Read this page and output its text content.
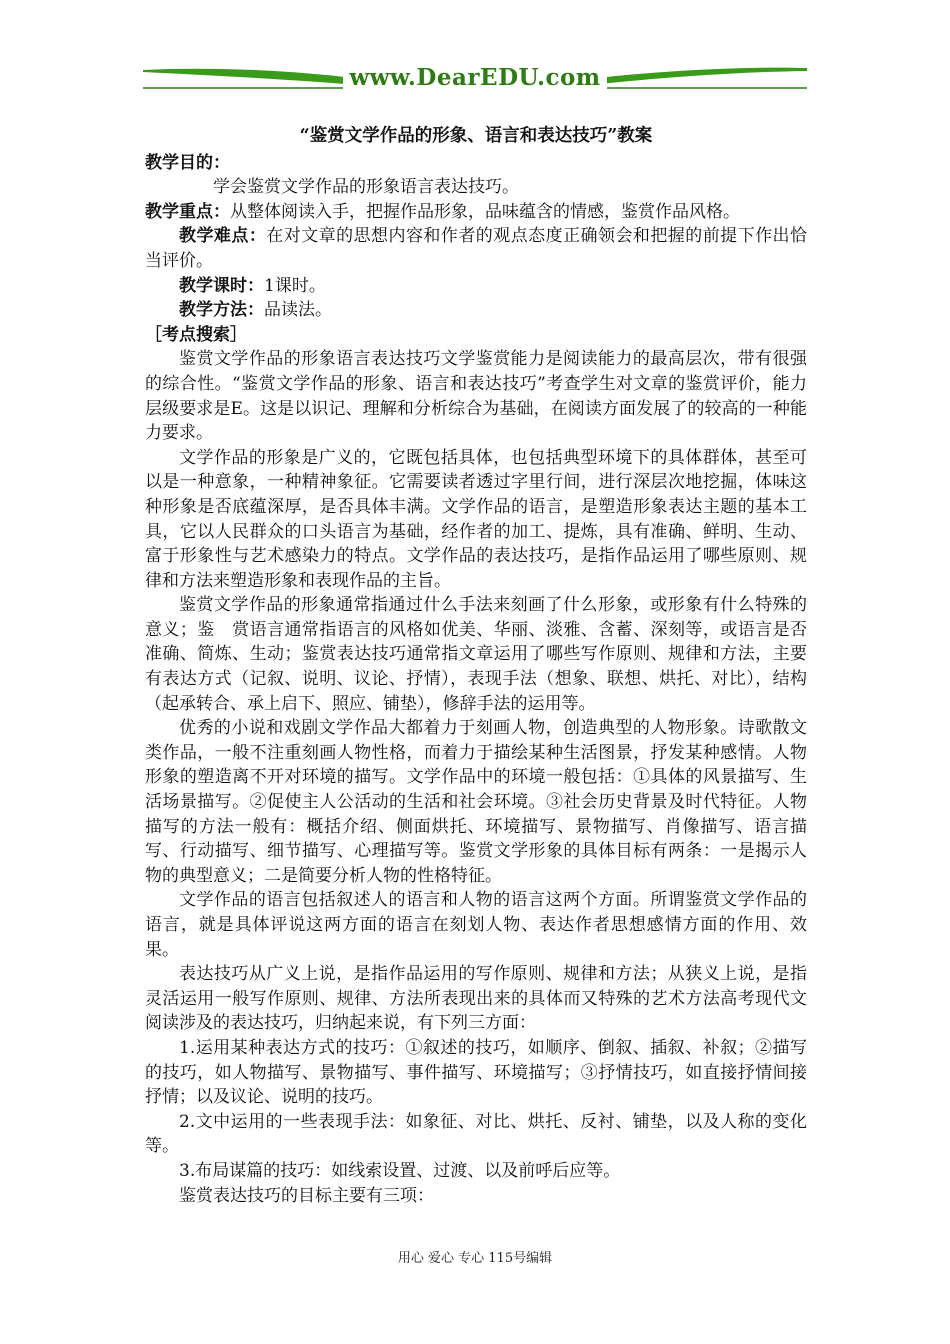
www.DearEDU.com

“鉴赏文学作品的形象、语言和表达技巧”教案

教学目的：

学会鉴赏文学作品的形象语言表达技巧。

教学重点：从整体阅读入手，把握作品形象，品味蕴含的情感，鉴赏作品风格。

教学难点：在对文章的思想内容和作者的观点态度正确领会和把握的前提下作出恰当评价。

教学课时：1课时。

教学方法：品读法。

［考点搜索］

鉴赏文学作品的形象语言表达技巧文学鉴赏能力是阅读能力的最高层次，带有很强的综合性。“鉴赏文学作品的形象、语言和表达技巧”考查学生对文章的鉴赏评价，能力层级要求是E。这是以识记、理解和分析综合为基础，在阅读方面发展了的较高的一种能力要求。

文学作品的形象是广义的，它既包括具体，也包括典型环境下的具体群体，甚至可以是一种意象，一种精神象征。它需要读者透过字里行间，进行深层次地挖掘，体味这种形象是否底蕴深厚，是否具体丰满。文学作品的语言，是塑造形象表达主题的基本工具，它以人民群众的口头语言为基础，经作者的加工、提炼，具有准确、鲜明、生动、富于形象性与艺术感染力的特点。文学作品的表达技巧，是指作品运用了哪些原则、规律和方法来塑造形象和表现作品的主旨。

鉴赏文学作品的形象通常指通过什么手法来刻画了什么形象，或形象有什么特殊的意义；鉴　赏语言通常指语言的风格如优美、华丽、淡雅、含蓄、深刻等，或语言是否准确、简炼、生动；鉴赏表达技巧通常指文章运用了哪些写作原则、规律和方法，主要有表达方式（记叙、说明、议论、抒情），表现手法（想象、联想、烘托、对比），结构（起承转合、承上启下、照应、铺垫），修辞手法的运用等。

优秀的小说和戏剧文学作品大都着力于刻画人物，创造典型的人物形象。诗歌散文类作品，一般不注重刻画人物性格，而着力于描绘某种生活图景，抒发某种感情。人物形象的塑造离不开对环境的描写。文学作品中的环境一般包括：①具体的风景描写、生活场景描写。②促使主人公活动的生活和社会环境。③社会历史背景及时代特征。人物描写的方法一般有：概括介绍、侧面烘托、环境描写、景物描写、肖像描写、语言描写、行动描写、细节描写、心理描写等。鉴赏文学形象的具体目标有两条：一是揭示人物的典型意义；二是简要分析人物的性格特征。

文学作品的语言包括叙述人的语言和人物的语言这两个方面。所谓鉴赏文学作品的语言，就是具体评说这两方面的语言在刻划人物、表达作者思想感情方面的作用、效果。

表达技巧从广义上说，是指作品运用的写作原则、规律和方法；从狭义上说，是指灵活运用一般写作原则、规律、方法所表现出来的具体而又特殊的艺术方法高考现代文阅读涉及的表达技巧，归纳起来说，有下列三方面：

1.运用某种表达方式的技巧：①叙述的技巧，如顺序、倒叙、插叙、补叙；②描写的技巧，如人物描写、景物描写、事件描写、环境描写；③抒情技巧，如直接抒情间接抒情；以及议论、说明的技巧。

2.文中运用的一些表现手法：如象征、对比、烘托、反衬、铺垫，以及人称的变化等。

3.布局谋篇的技巧：如线索设置、过渡、以及前呼后应等。

鉴赏表达技巧的目标主要有三项：

用心 爱心 专心 115号编辑
